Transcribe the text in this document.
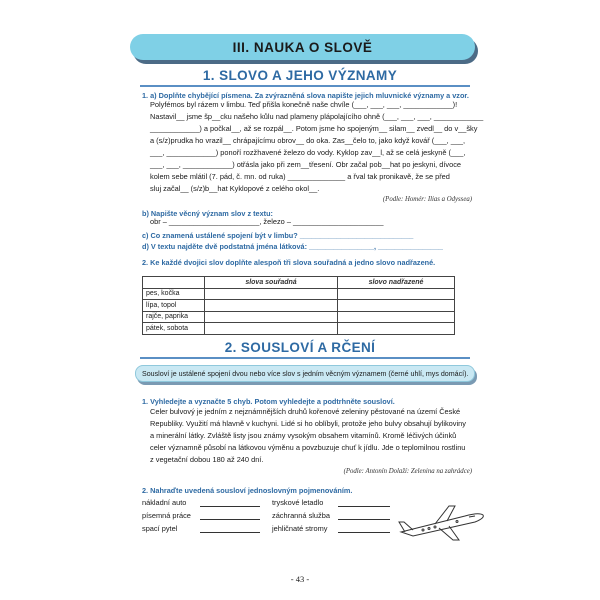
III. NAUKA O SLOVĚ
1. SLOVO A JEHO VÝZNAMY
1. a) Doplňte chybějící písmena. Za zvýrazněná slova napište jejich mluvnické významy a vzor.
Polyfémos byl rázem v limbu. Teď přišla konečně naše chvíle (___, ___, ___, ____________)!
Nastavil__ jsme šp__cku našeho kůlu nad plameny plápolajícího ohně (___, ___, ___, ____________
____________) a počkal__, až se rozpál__. Potom jsme ho spojeným__ silam__ zvedl__ do v__šky
a (s/z)prudka ho vrazil__ chrápajícímu obrov__ do oka. Zas__čelo to, jako když kovář (___, ___,
___, ____________) ponoří rozžhavené železo do vody. Kyklop zav__l, až se celá jeskyně (___,
___, ___, ____________) otřásla jako při zem__třesení. Obr začal pob__hat po jeskyni, dívoce
kolem sebe mlátil (7. pád, č. mn. od ruka) ______________ a řval tak pronikavě, že se před
sluj začal__ (s/z)b__hat Kyklopové z celého okol__.
(Podle: Homér: Ilias a Odyssea)
b) Napište věcný význam slov z textu:
obr – ______________________, železo – ______________________
c) Co znamená ustálené spojení být v limbu? ____________________________
d) V textu najděte dvě podstatná jména látková: ________________, ________________
2. Ke každé dvojici slov doplňte alespoň tři slova souřadná a jedno slovo nadřazené.
	slova souřadná	slovo nadřazené
pes, kočka		
lípa, topol		
rajče, paprika		
pátek, sobota		
2. SOUSLOVÍ A RČENÍ
Sousloví je ustálené spojení dvou nebo více slov s jedním věcným významem (černé uhlí, mys domácí).
1. Vyhledejte a vyznačte 5 chyb. Potom vyhledejte a podtrhněte sousloví.
Celer bulvový je jedním z nejznámnějších druhů kořenové zeleniny pěstované na území České
Republiky. Využití má hlavně v kuchyni. Lidé si ho oblíbyli, protože jeho bulvy obsahují bylikoviny
a minerální látky. Zvláště listy jsou známy vysokým obsahem vitamínů. Kromě léčivých účinků
celer významně působí na látkovou výměnu a povzbuzuje chuť k jídlu. Jde o teplomilnou rostlinu
z vegetační dobou 180 až 240 dní.
(Podle: Antonín Dolaží: Zelenina na zahrádce)
2. Nahraďte uvedená sousloví jednoslovným pojmenováním.
nákladní auto
písemná práce
spací pytel
tryskové letadlo
záchranná služba
jehličnaté stromy
- 43 -
